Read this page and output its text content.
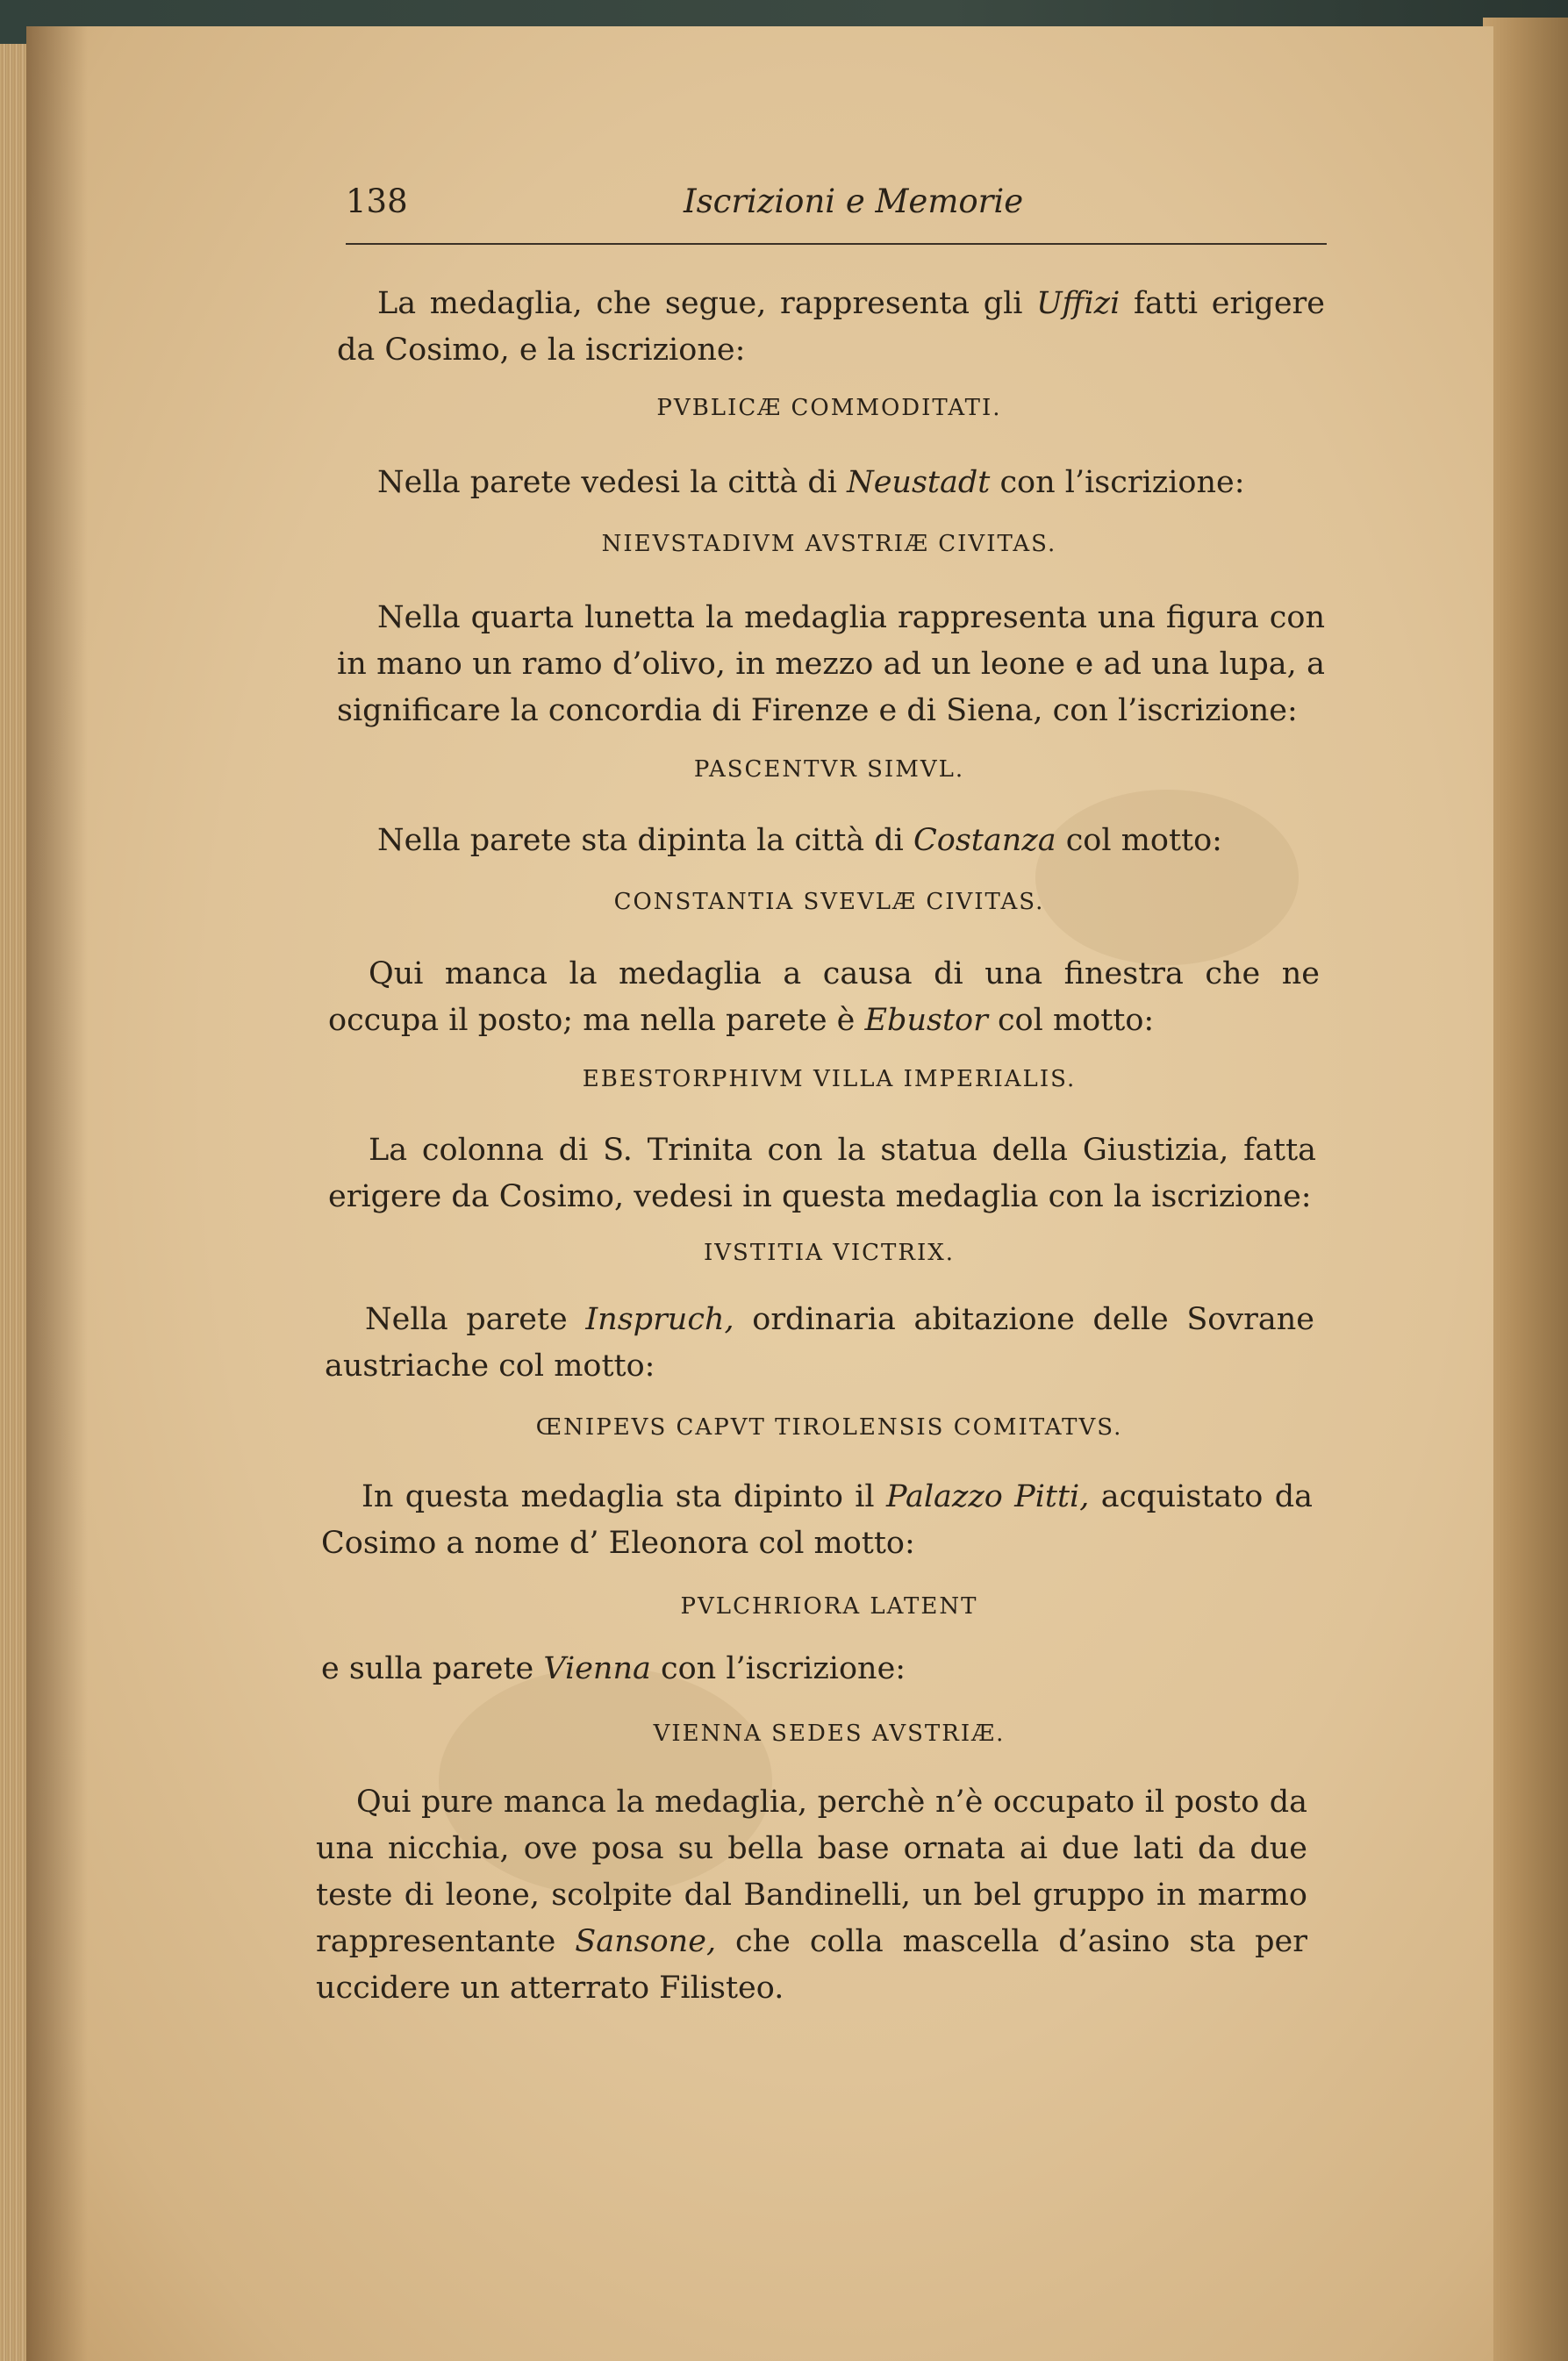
138	Iscrizioni e Memorie
La medaglia, che segue, rappresenta gli Uffizi fatti erigere da Cosimo, e la iscrizione:
PVBLICÆ COMMODITATI.
Nella parete vedesi la città di Neustadt con l’iscrizione:
NIEVSTADIVM AVSTRIÆ CIVITAS.
Nella quarta lunetta la medaglia rappresenta una figura con in mano un ramo d’olivo, in mezzo ad un leone e ad una lupa, a significare la concordia di Firenze e di Siena, con l’iscrizione:
PASCENTVR SIMVL.
Nella parete sta dipinta la città di Costanza col motto:
CONSTANTIA SVEVLÆ CIVITAS.
Qui manca la medaglia a causa di una finestra che ne occupa il posto; ma nella parete è Ebustor col motto:
EBESTORPHIVM VILLA IMPERIALIS.
La colonna di S. Trinita con la statua della Giustizia, fatta erigere da Cosimo, vedesi in questa medaglia con la iscrizione:
IVSTITIA VICTRIX.
Nella parete Inspruch, ordinaria abitazione delle Sovrane austriache col motto:
ŒNIPEVS CAPVT TIROLENSIS COMITATVS.
In questa medaglia sta dipinto il Palazzo Pitti, acquistato da Cosimo a nome d’ Eleonora col motto:
PVLCHRIORA LATENT
e sulla parete Vienna con l’iscrizione:
VIENNA SEDES AVSTRIÆ.
Qui pure manca la medaglia, perchè n’è occupato il posto da una nicchia, ove posa su bella base ornata ai due lati da due teste di leone, scolpite dal Bandinelli, un bel gruppo in marmo rappresentante Sansone, che colla mascella d’asino sta per uccidere un atterrato Filisteo.
